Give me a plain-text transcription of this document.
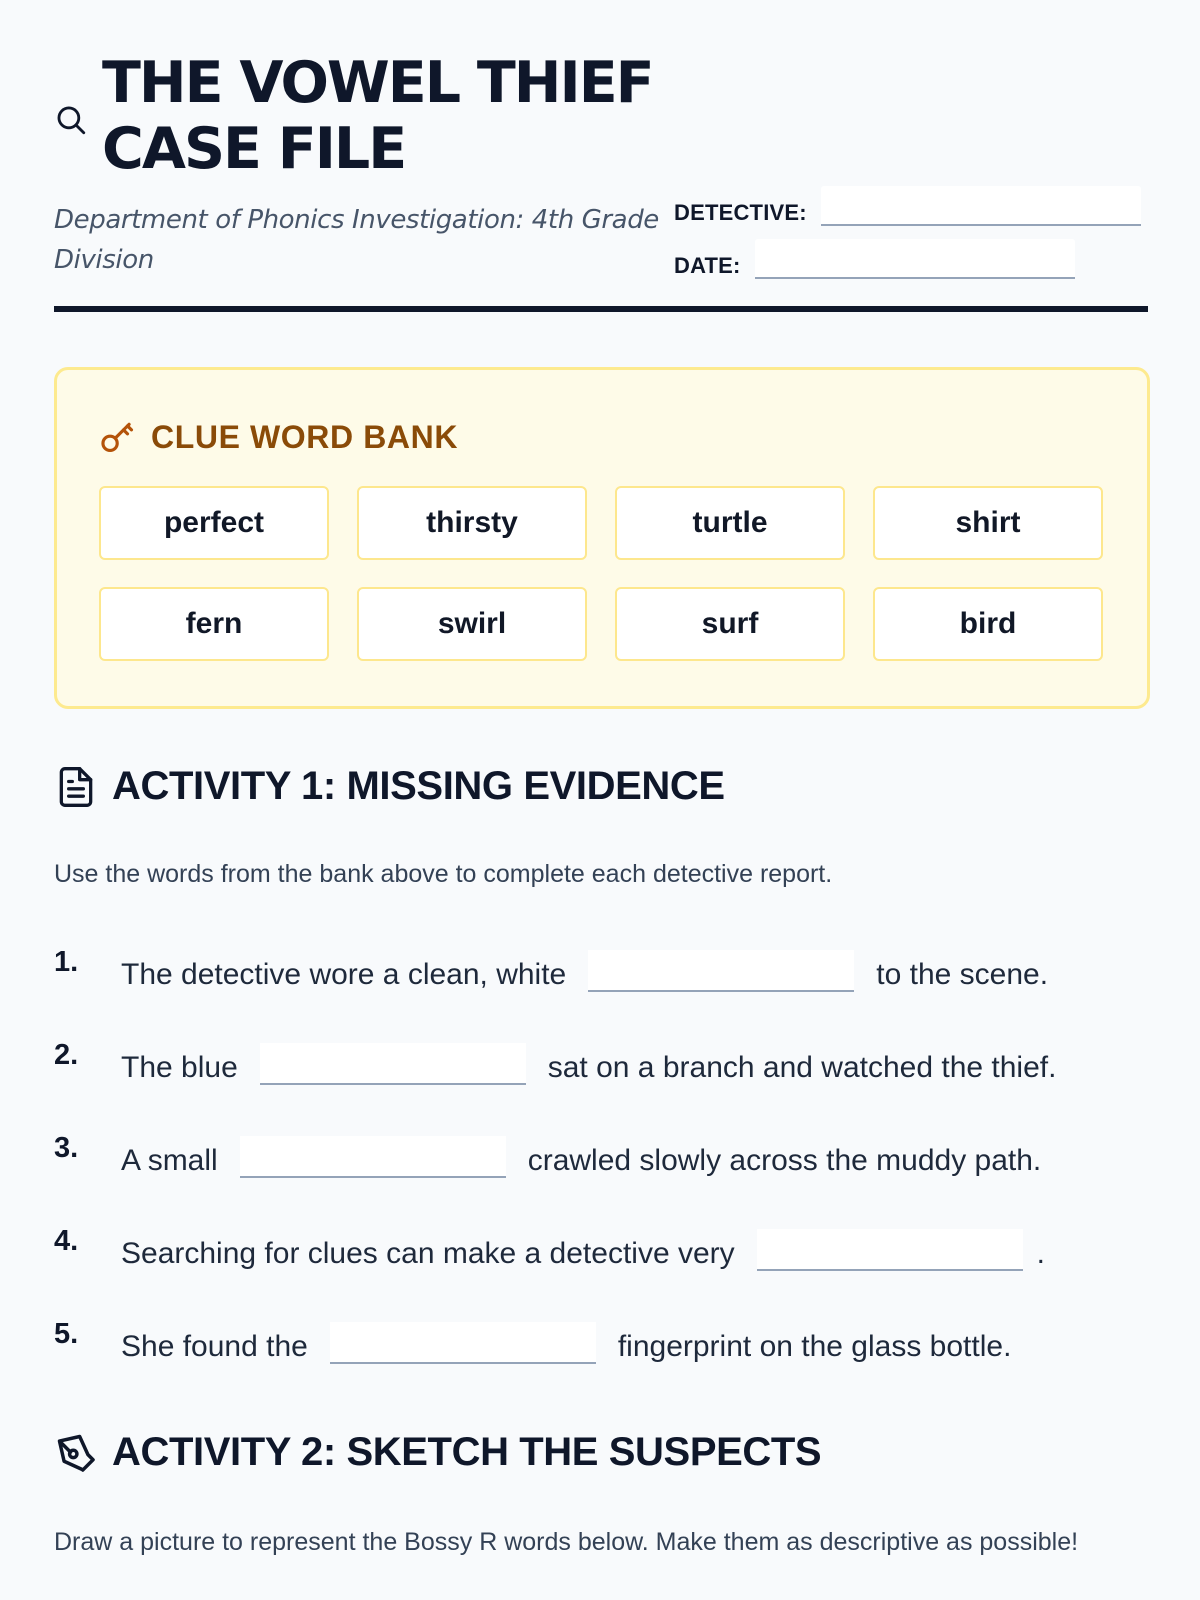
THE VOWEL THIEF CASE FILE
Department of Phonics Investigation: 4th Grade Division
DETECTIVE:
DATE:
CLUE WORD BANK
perfect	thirsty	turtle	shirt
fern	swirl	surf	bird
ACTIVITY 1: MISSING EVIDENCE
Use the words from the bank above to complete each detective report.
1. The detective wore a clean, white	to the scene.
2. The blue	sat on a branch and watched the thief.
3. A small	crawled slowly across the muddy path.
4. Searching for clues can make a detective very	.
5. She found the	fingerprint on the glass bottle.
ACTIVITY 2: SKETCH THE SUSPECTS
Draw a picture to represent the Bossy R words below. Make them as descriptive as possible!
